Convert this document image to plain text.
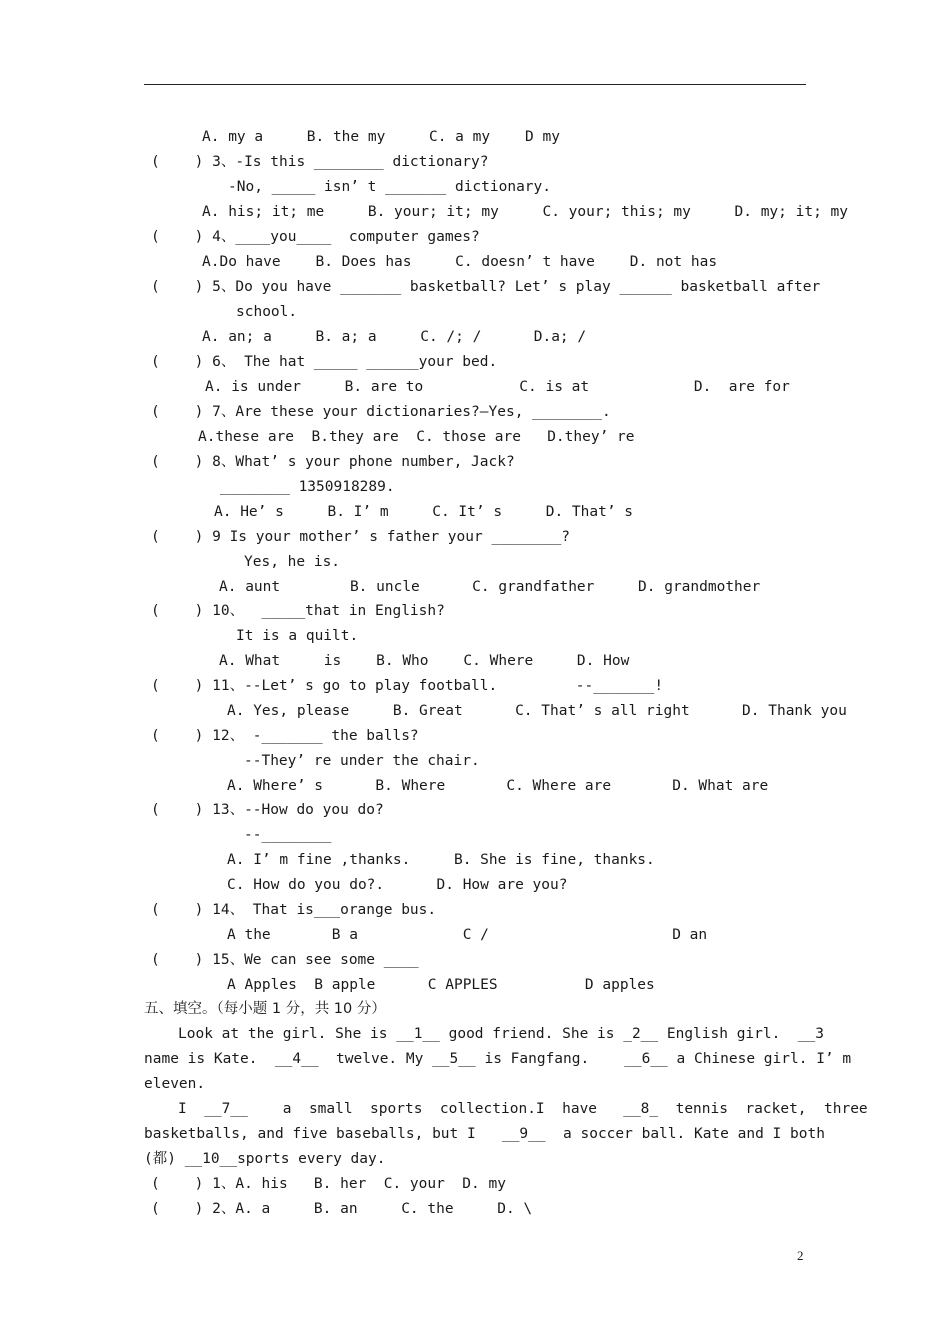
A. my a     B. the my     C. a my    D my
(    ) 3、-Is this ________ dictionary?
-No, _____ isn’ t _______ dictionary.
A. his; it; me     B. your; it; my     C. your; this; my     D. my; it; my
(    ) 4、____you____  computer games?
A.Do have    B. Does has     C. doesn’ t have    D. not has
(    ) 5、Do you have _______ basketball? Let’ s play ______ basketball after
school.
A. an; a     B. a; a     C. /; /      D.a; /
(    ) 6、 The hat _____ ______your bed.
A. is under     B. are to           C. is at            D.  are for
(    ) 7、Are these your dictionaries?—Yes, ________.
A.these are  B.they are  C. those are   D.they’ re
(    ) 8、What’ s your phone number, Jack?
________ 1350918289.
A. He’ s     B. I’ m     C. It’ s     D. That’ s
(    ) 9 Is your mother’ s father your ________?
Yes, he is.
A. aunt        B. uncle      C. grandfather     D. grandmother
(    ) 10、  _____that in English?
It is a quilt.
A. What     is    B. Who    C. Where     D. How
(    ) 11、--Let’ s go to play football.         --_______!
A. Yes, please     B. Great      C. That’ s all right      D. Thank you
(    ) 12、 -_______ the balls?
--They’ re under the chair.
A. Where’ s      B. Where       C. Where are       D. What are
(    ) 13、--How do you do?
--________
A. I’ m fine ,thanks.     B. She is fine, thanks.
C. How do you do?.      D. How are you?
(    ) 14、 That is___orange bus.
A the       B a            C /                     D an
(    ) 15、We can see some ____
A Apples  B apple      C APPLES          D apples
五、填空。（每小题 1 分，共 10 分）
Look at the girl. She is __1__ good friend. She is _2__ English girl.  __3
name is Kate.  __4__  twelve. My __5__ is Fangfang.    __6__ a Chinese girl. I’ m
eleven.
I  __7__    a  small  sports  collection.I  have   __8_  tennis  racket,  three
basketballs, and five baseballs, but I   __9__  a soccer ball. Kate and I both
(都) __10__sports every day.
(    ) 1、A. his   B. her  C. your  D. my
(    ) 2、A. a     B. an     C. the     D. \
2
